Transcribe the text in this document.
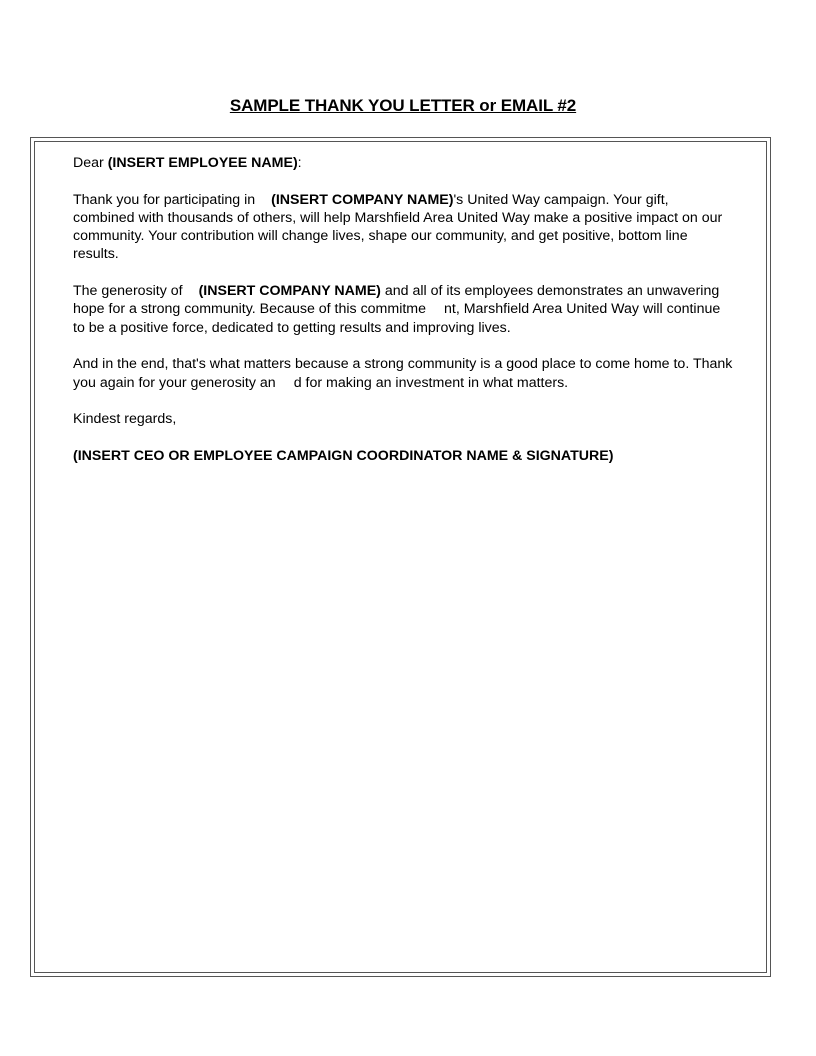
SAMPLE THANK YOU LETTER or EMAIL #2

Dear (INSERT EMPLOYEE NAME):

Thank you for participating in (INSERT COMPANY NAME)'s United Way campaign. Your gift, combined with thousands of others, will help Marshfield Area United Way make a positive impact on our community. Your contribution will change lives, shape our community, and get positive, bottom line results.

The generosity of (INSERT COMPANY NAME) and all of its employees demonstrates an unwavering hope for a strong community. Because of this commitme nt, Marshfield Area United Way will continue to be a positive force, dedicated to getting results and improving lives.

And in the end, that's what matters because a strong community is a good place to come home to. Thank you again for your generosity an d for making an investment in what matters.

Kindest regards,

(INSERT CEO OR EMPLOYEE CAMPAIGN COORDINATOR NAME & SIGNATURE)
